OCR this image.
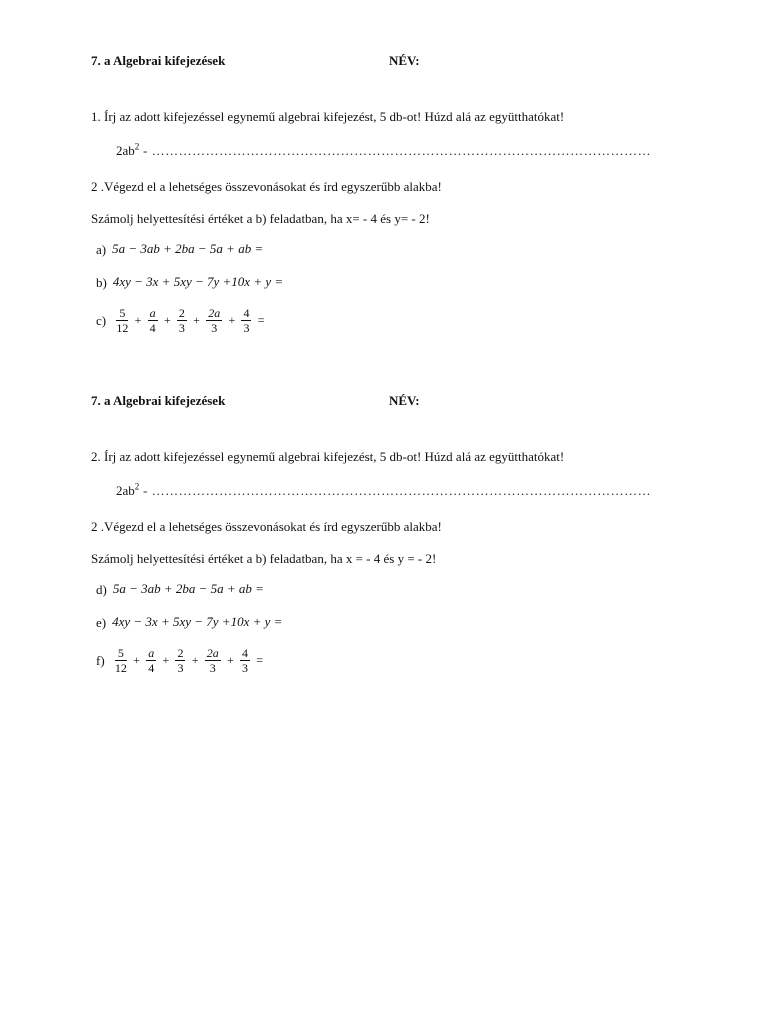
7. a Algebrai kifejezések	NÉV:
1. Írj az adott kifejezéssel egynemű algebrai kifejezést, 5 db-ot! Húzd alá az együtthatókat!
$2ab^2$ - …………………………………………………………………………………………………
2 .Végezd el a lehetséges összevonásokat és írd egyszerűbb alakba!
Számolj helyettesítési értéket a b) feladatban, ha x= - 4 és y= - 2!
a) 5a − 3ab + 2ba − 5a + ab =
b) 4xy − 3x + 5xy − 7y +10x + y =
$c) \frac{5}{12} + \frac{a}{4} + \frac{2}{3} + \frac{2a}{3} + \frac{4}{3}$ =
7. a Algebrai kifejezések	NÉV:
2. Írj az adott kifejezéssel egynemű algebrai kifejezést, 5 db-ot! Húzd alá az együtthatókat!
$2ab^2$ - …………………………………………………………………………………………………
2 .Végezd el a lehetséges összevonásokat és írd egyszerűbb alakba!
Számolj helyettesítési értéket a b) feladatban, ha x = - 4 és y = - 2!
d) 5a − 3ab + 2ba − 5a + ab =
e) 4xy − 3x + 5xy − 7y +10x + y =
$f) \frac{5}{12} + \frac{a}{4} + \frac{2}{3} + \frac{2a}{3} + \frac{4}{3}$ =
